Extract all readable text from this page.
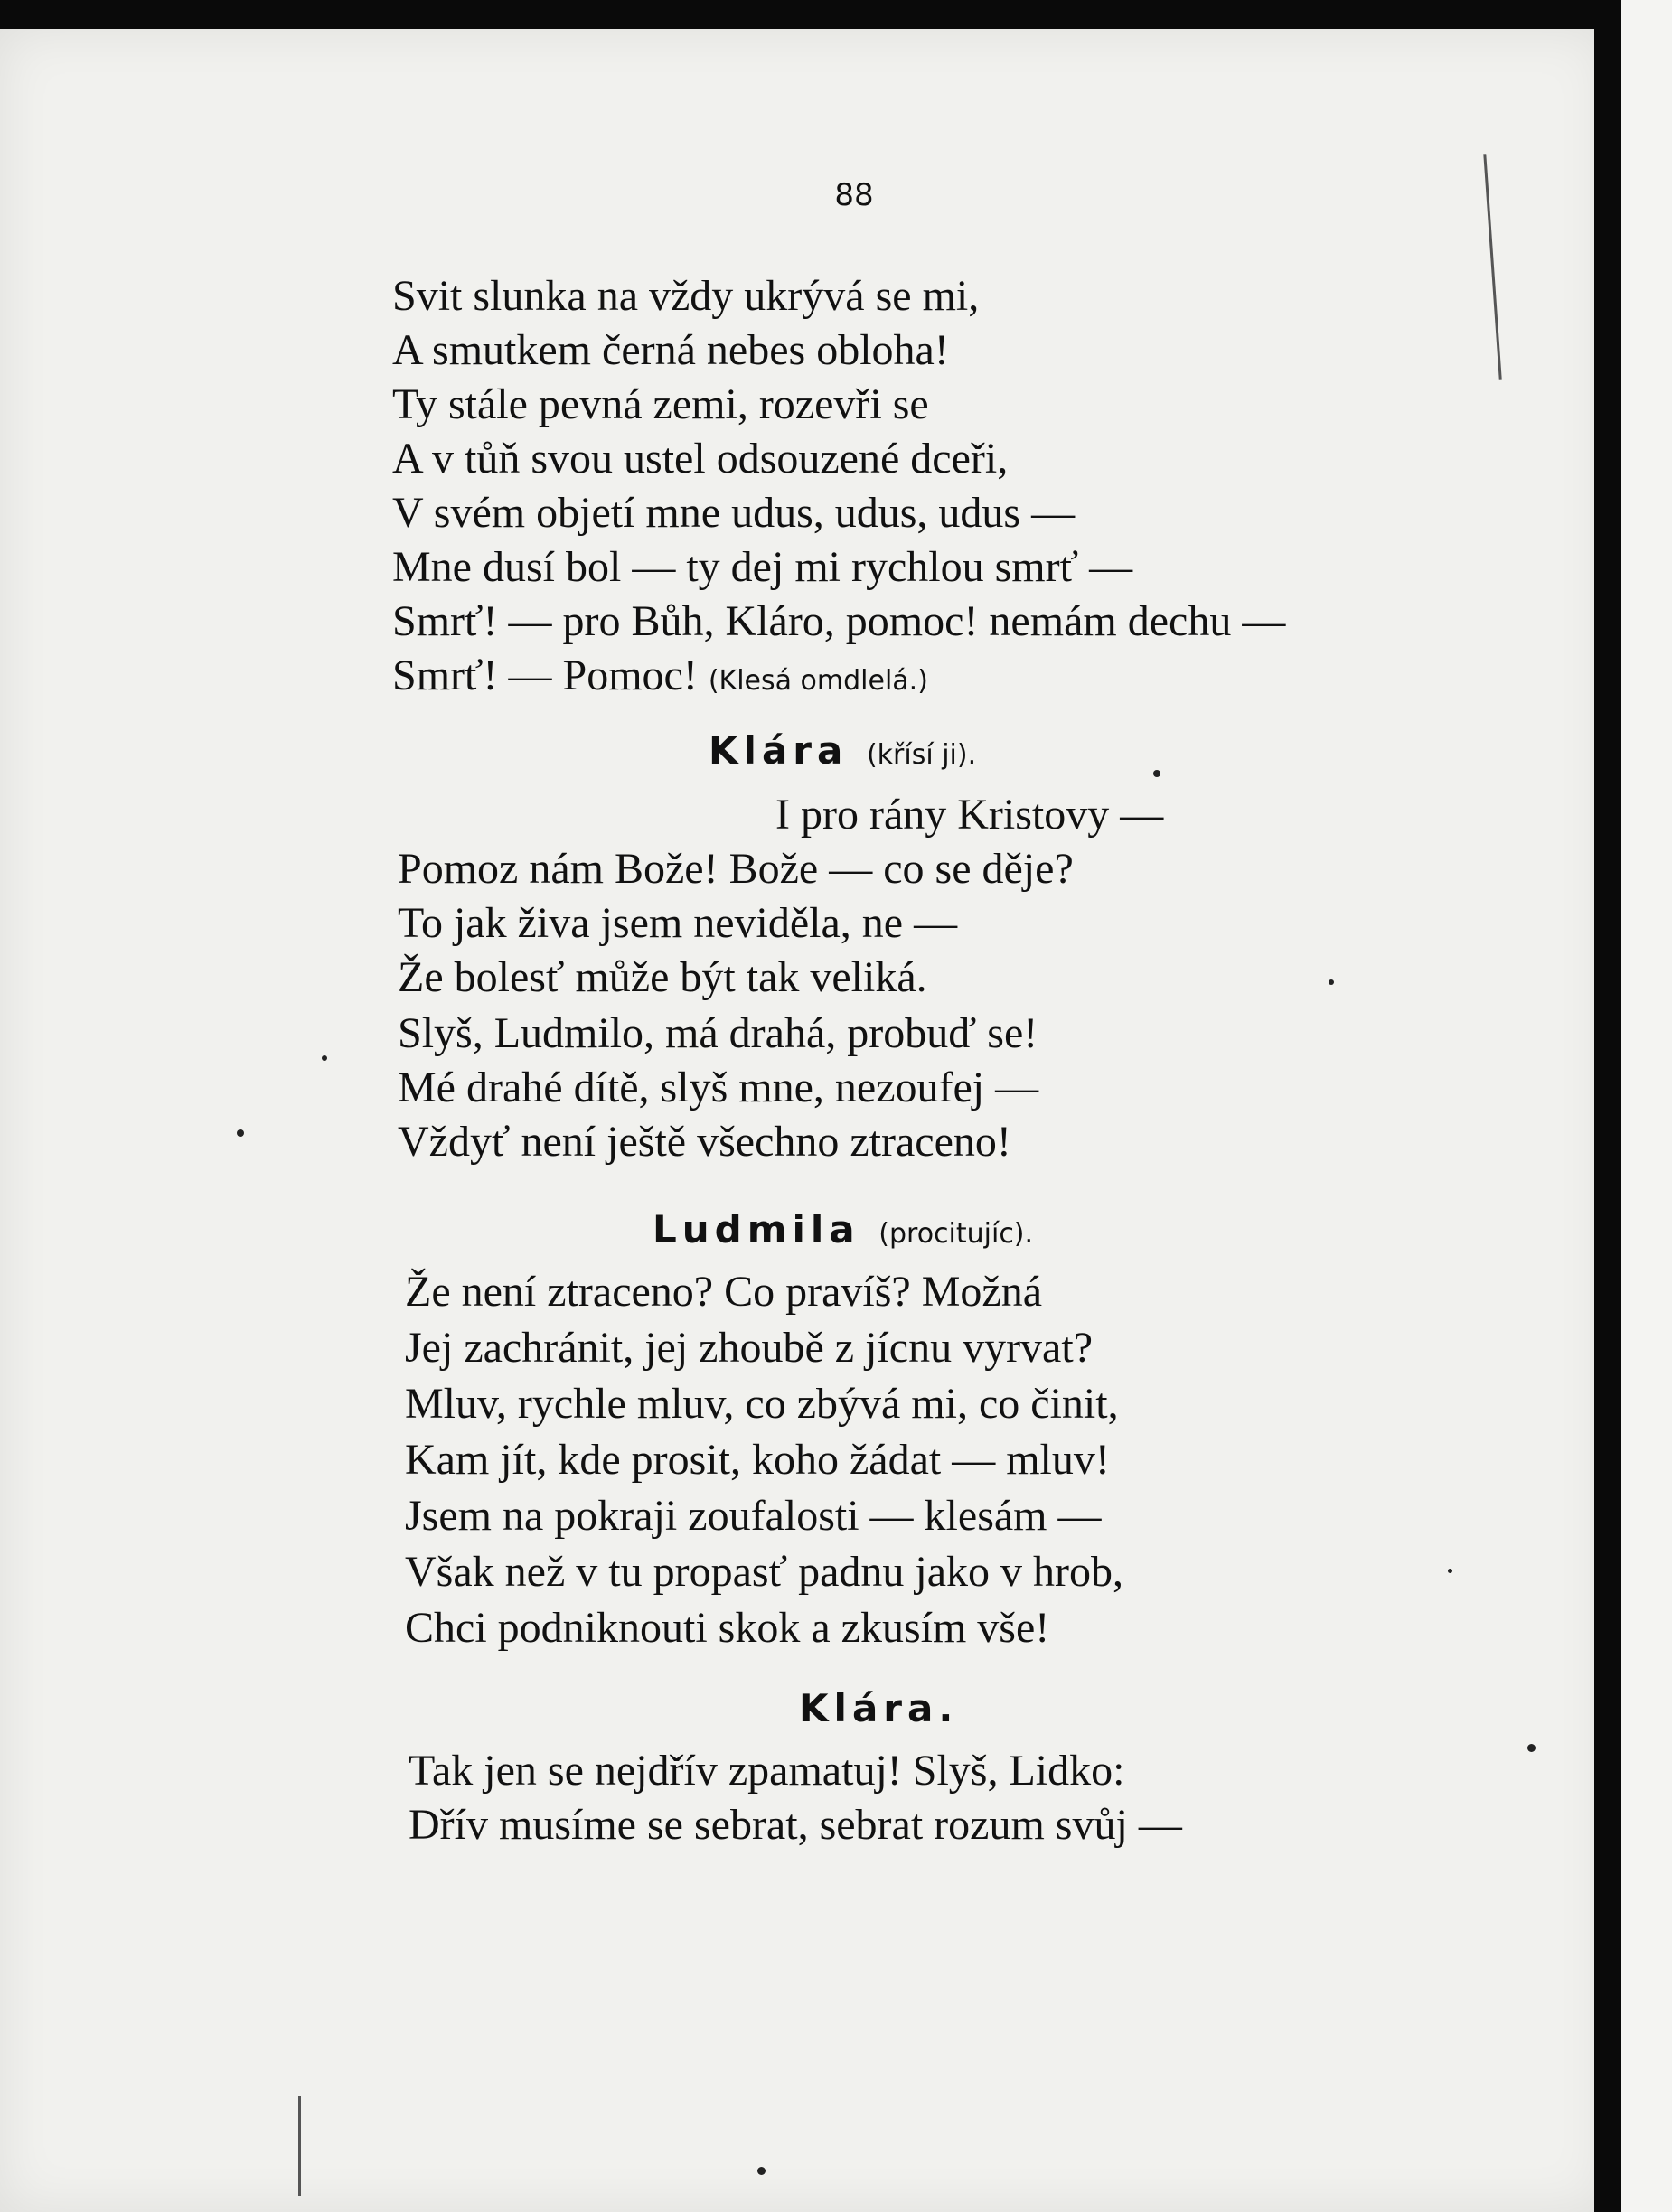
88
Svit slunka na vždy ukrývá se mi,
A smutkem černá nebes obloha!
Ty stále pevná zemi, rozevři se
A v tůň svou ustel odsouzené dceři,
V svém objetí mne udus, udus, udus —
Mne dusí bol — ty dej mi rychlou smrť —
Smrť! — pro Bůh, Kláro, pomoc! nemám dechu —
Smrť! — Pomoc! (Klesá omdlelá.)
Klára (křísí ji).
I pro rány Kristovy —
Pomoz nám Bože! Bože — co se děje?
To jak živa jsem neviděla, ne —
Že bolesť může být tak veliká.
Slyš, Ludmilo, má drahá, probuď se!
Mé drahé dítě, slyš mne, nezoufej —
Vždyť není ještě všechno ztraceno!
Ludmila (procitujíc).
Že není ztraceno? Co pravíš? Možná
Jej zachránit, jej zhoubě z jícnu vyrvat?
Mluv, rychle mluv, co zbývá mi, co činit,
Kam jít, kde prosit, koho žádat — mluv!
Jsem na pokraji zoufalosti — klesám —
Však než v tu propasť padnu jako v hrob,
Chci podniknouti skok a zkusím vše!
Klára.
Tak jen se nejdřív zpamatuj! Slyš, Lidko:
Dřív musíme se sebrat, sebrat rozum svůj —
